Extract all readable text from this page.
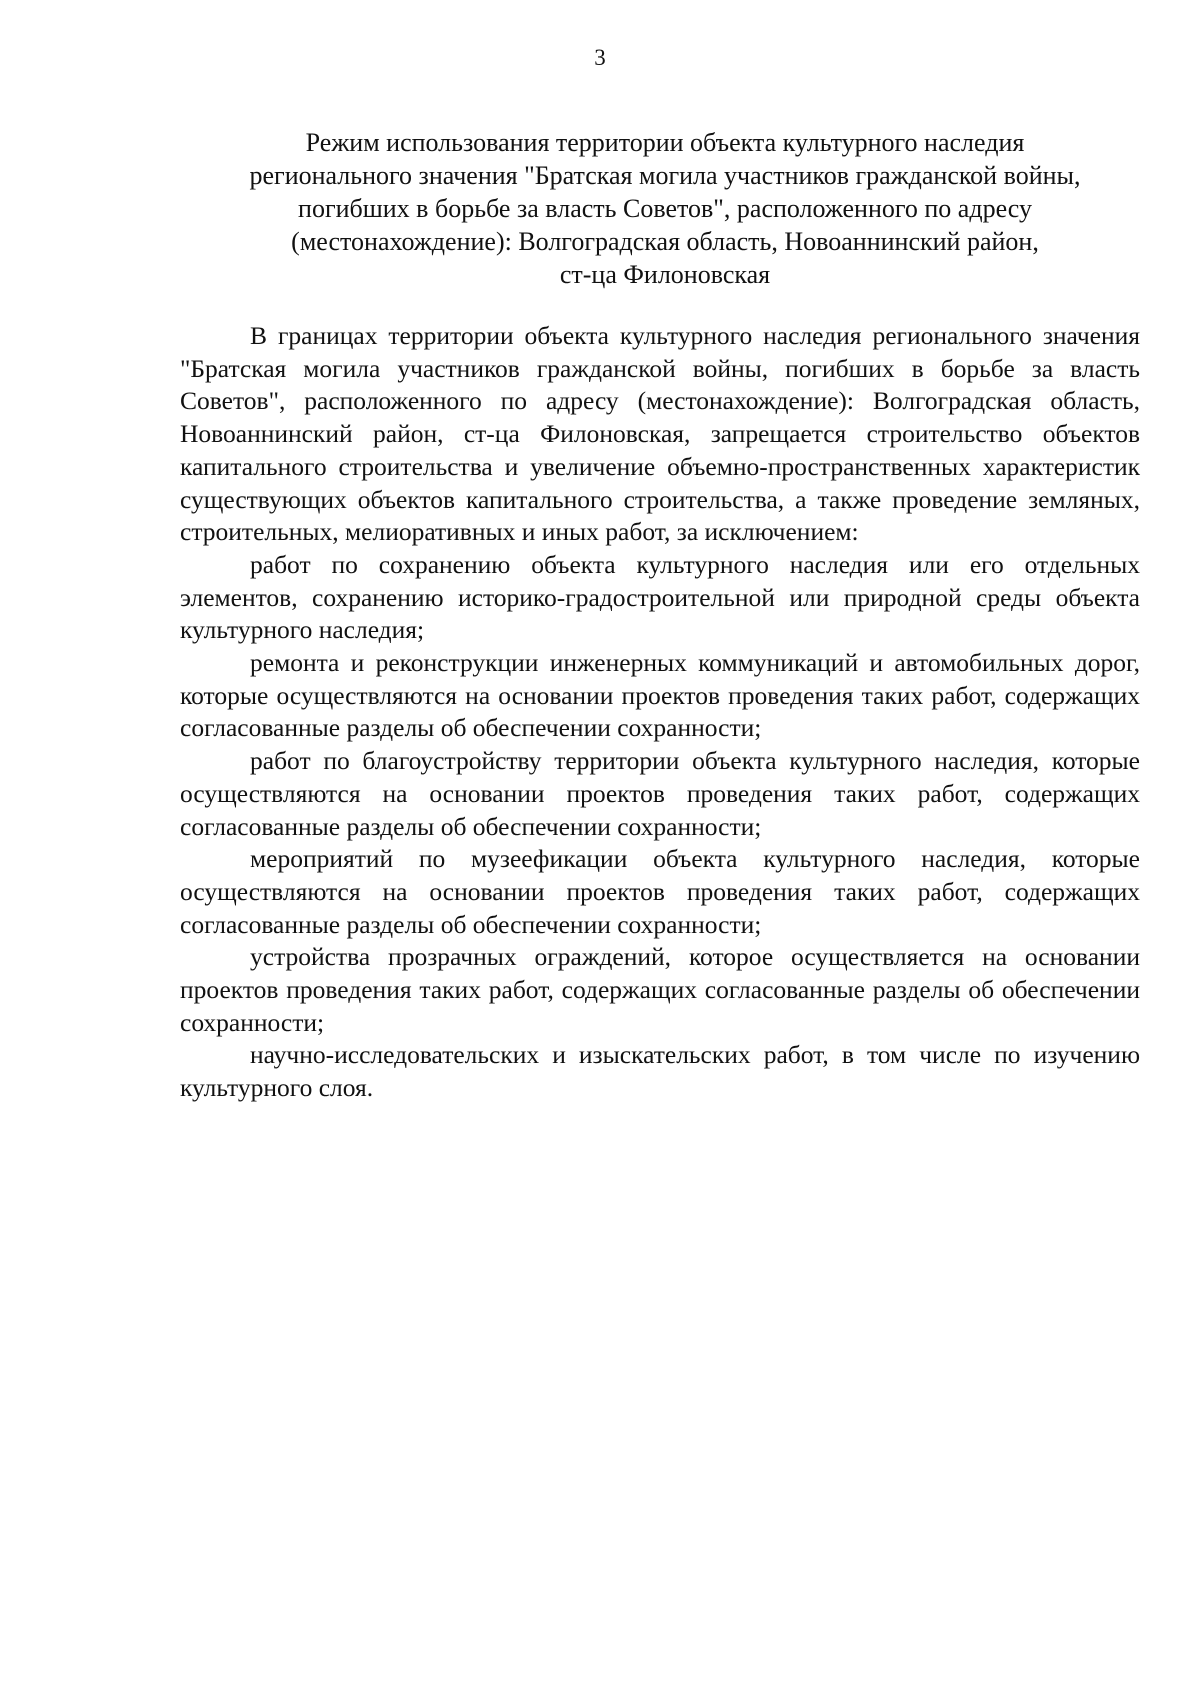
3
Режим использования территории объекта культурного наследия
регионального значения "Братская могила участников гражданской войны,
погибших в борьбе за власть Советов", расположенного по адресу
(местонахождение): Волгоградская область, Новоаннинский район,
ст-ца Филоновская

В границах территории объекта культурного наследия регионального значения "Братская могила участников гражданской войны, погибших в борьбе за власть Советов", расположенного по адресу (местонахождение): Волгоградская область, Новоаннинский район, ст-ца Филоновская, запрещается строительство объектов капитального строительства и увеличение объемно-пространственных характеристик существующих объектов капитального строительства, а также проведение земляных, строительных, мелиоративных и иных работ, за исключением:

работ по сохранению объекта культурного наследия или его отдельных элементов, сохранению историко-градостроительной или природной среды объекта культурного наследия;

ремонта и реконструкции инженерных коммуникаций и автомобильных дорог, которые осуществляются на основании проектов проведения таких работ, содержащих согласованные разделы об обеспечении сохранности;

работ по благоустройству территории объекта культурного наследия, которые осуществляются на основании проектов проведения таких работ, содержащих согласованные разделы об обеспечении сохранности;

мероприятий по музеефикации объекта культурного наследия, которые осуществляются на основании проектов проведения таких работ, содержащих согласованные разделы об обеспечении сохранности;

устройства прозрачных ограждений, которое осуществляется на основании проектов проведения таких работ, содержащих согласованные разделы об обеспечении сохранности;

научно-исследовательских и изыскательских работ, в том числе по изучению культурного слоя.
